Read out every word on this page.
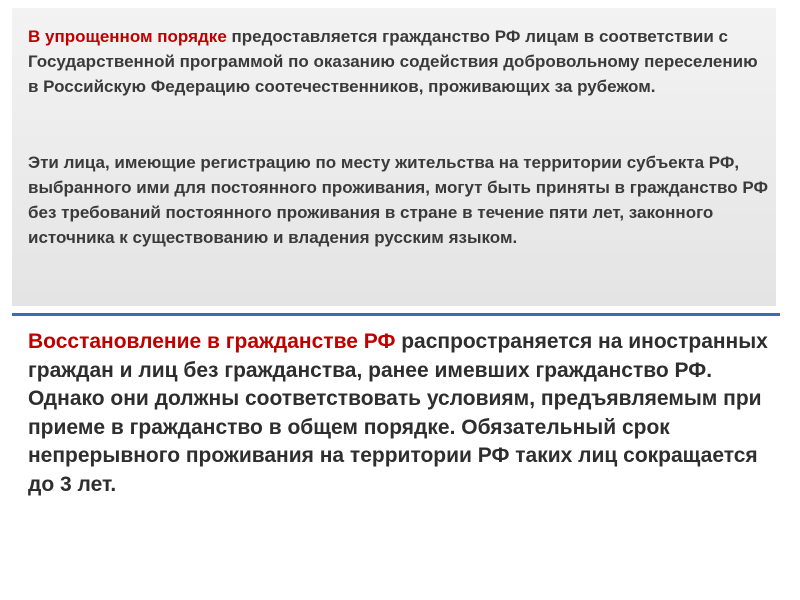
В упрощенном порядке предоставляется гражданство РФ лицам в соответствии с Государственной программой по оказанию содействия добровольному переселению в Российскую Федерацию соотечественников, проживающих за рубежом.

Эти лица, имеющие регистрацию по месту жительства на территории субъекта РФ, выбранного ими для постоянного проживания, могут быть приняты в гражданство РФ без требований постоянного проживания в стране в течение пяти лет, законного источника к существованию и владения русским языком.

Восстановление в гражданстве РФ распространяется на иностранных граждан и лиц без гражданства, ранее имевших гражданство РФ. Однако они должны соответствовать условиям, предъявляемым при приеме в гражданство в общем порядке. Обязательный срок непрерывного проживания на территории РФ таких лиц сокращается до 3 лет.
